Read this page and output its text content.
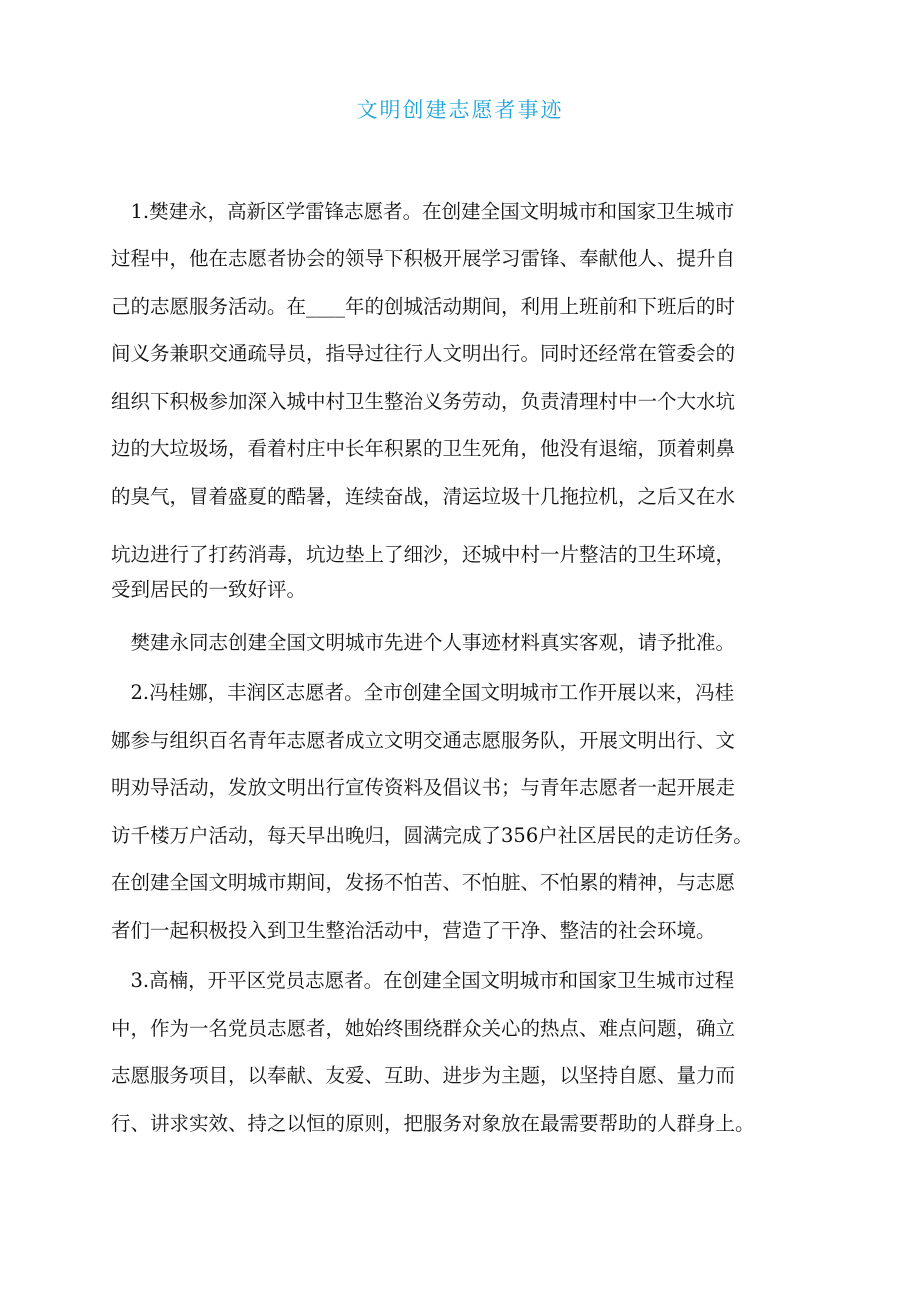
文明创建志愿者事迹
　1.樊建永，高新区学雷锋志愿者。在创建全国文明城市和国家卫生城市
过程中，他在志愿者协会的领导下积极开展学习雷锋、奉献他人、提升自
己的志愿服务活动。在____年的创城活动期间，利用上班前和下班后的时
间义务兼职交通疏导员，指导过往行人文明出行。同时还经常在管委会的
组织下积极参加深入城中村卫生整治义务劳动，负责清理村中一个大水坑
边的大垃圾场，看着村庄中长年积累的卫生死角，他没有退缩，顶着刺鼻
的臭气，冒着盛夏的酷暑，连续奋战，清运垃圾十几拖拉机，之后又在水
坑边进行了打药消毒，坑边垫上了细沙，还城中村一片整洁的卫生环境，
受到居民的一致好评。
　樊建永同志创建全国文明城市先进个人事迹材料真实客观，请予批准。
　2.冯桂娜，丰润区志愿者。全市创建全国文明城市工作开展以来，冯桂
娜参与组织百名青年志愿者成立文明交通志愿服务队，开展文明出行、文
明劝导活动，发放文明出行宣传资料及倡议书；与青年志愿者一起开展走
访千楼万户活动，每天早出晚归，圆满完成了356户社区居民的走访任务。
在创建全国文明城市期间，发扬不怕苦、不怕脏、不怕累的精神，与志愿
者们一起积极投入到卫生整治活动中，营造了干净、整洁的社会环境。
　3.高楠，开平区党员志愿者。在创建全国文明城市和国家卫生城市过程
中，作为一名党员志愿者，她始终围绕群众关心的热点、难点问题，确立
志愿服务项目，以奉献、友爱、互助、进步为主题，以坚持自愿、量力而
行、讲求实效、持之以恒的原则，把服务对象放在最需要帮助的人群身上。
